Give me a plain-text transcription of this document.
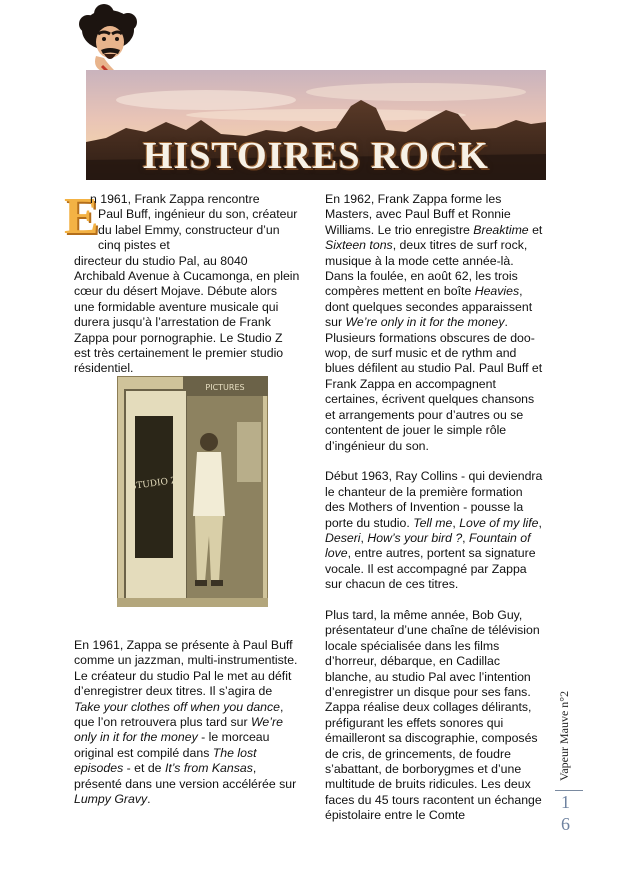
HISTOIRES ROCK

E
n 1961, Frank Zappa rencontre
Paul Buff, ingénieur du son, créateur du label Emmy, constructeur d’un cinq pistes et
directeur du studio Pal, au 8040 Archibald Avenue à Cucamonga, en plein cœur du désert Mojave. Débute alors une formidable aventure musicale qui durera jusqu’à l’arrestation de Frank Zappa pour pornographie. Le Studio Z est très certainement le premier studio résidentiel.

PICTURES
STUDIO Z

En 1961, Zappa se présente à Paul Buff comme un jazzman, multi-instrumentiste. Le créateur du studio Pal le met au défit d’enregistrer deux titres. Il s’agira de Take your clothes off when you dance, que l’on retrouvera plus tard sur We’re only in it for the money - le morceau original est compilé dans The lost episodes - et de It’s from Kansas, présenté dans une version accélérée sur Lumpy Gravy.

En 1962, Frank Zappa forme les Masters, avec Paul Buff et Ronnie Williams. Le trio enregistre Breaktime et Sixteen tons, deux titres de surf rock, musique à la mode cette année-là. Dans la foulée, en août 62, les trois compères mettent en boîte Heavies, dont quelques secondes apparaissent sur We’re only in it for the money. Plusieurs formations obscures de doo-wop, de surf music et de rythm and blues défilent au studio Pal. Paul Buff et Frank Zappa en accompagnent certaines, écrivent quelques chansons et arrangements pour d’autres ou se contentent de jouer le simple rôle d’ingénieur du son.

Début 1963, Ray Collins - qui deviendra le chanteur de la première formation des Mothers of Invention - pousse la porte du studio. Tell me, Love of my life, Deseri, How’s your bird ?, Fountain of love, entre autres, portent sa signature vocale. Il est accompagné par Zappa sur chacun de ces titres.

Plus tard, la même année, Bob Guy, présentateur d’une chaîne de télévision locale spécialisée dans les films d’horreur, débarque, en Cadillac blanche, au studio Pal avec l’intention d’enregistrer un disque pour ses fans. Zappa réalise deux collages délirants, préfigurant les effets sonores qui émailleront sa discographie, composés de cris, de grincements, de foudre s’abattant, de borborygmes et d’une multitude de bruits ridicules. Les deux faces du 45 tours racontent un échange épistolaire entre le Comte

Vapeur Mauve n°2
1
6
